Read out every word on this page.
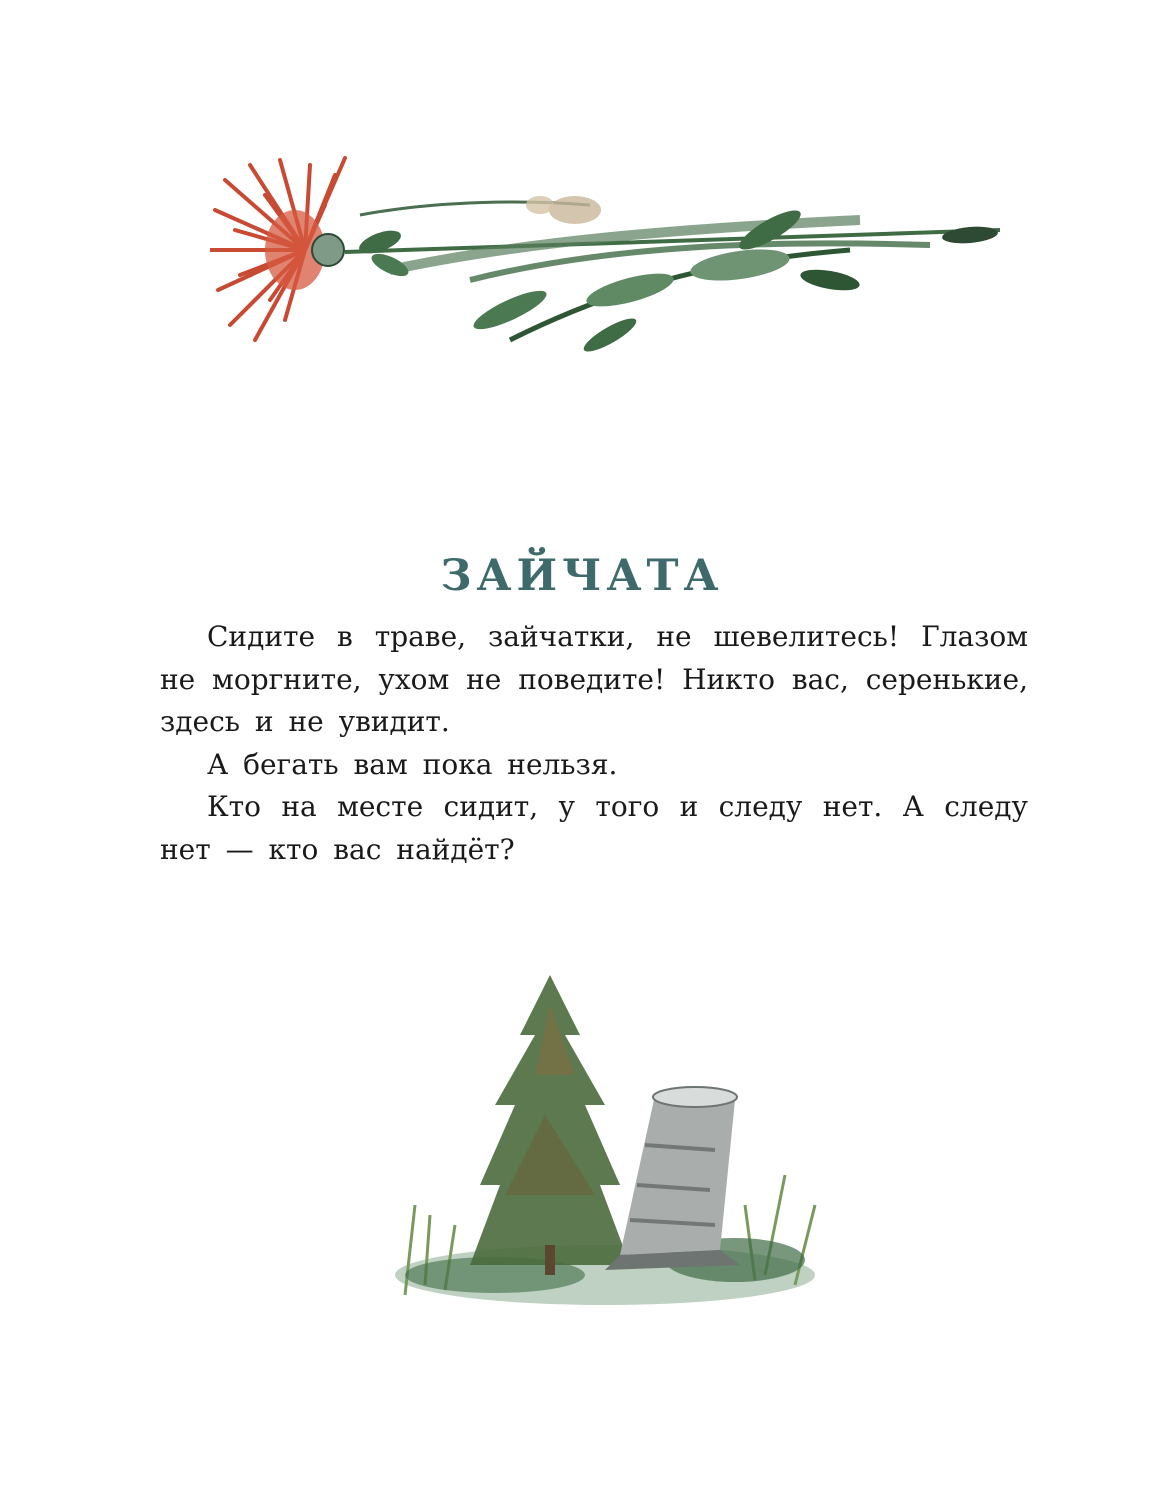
ЗАЙЧАТА

Сидите в траве, зайчатки, не шевелитесь! Глазом не моргните, ухом не поведите! Никто вас, серенькие, здесь и не увидит.

А бегать вам пока нельзя.

Кто на месте сидит, у того и следу нет. А следу нет — кто вас найдёт?
